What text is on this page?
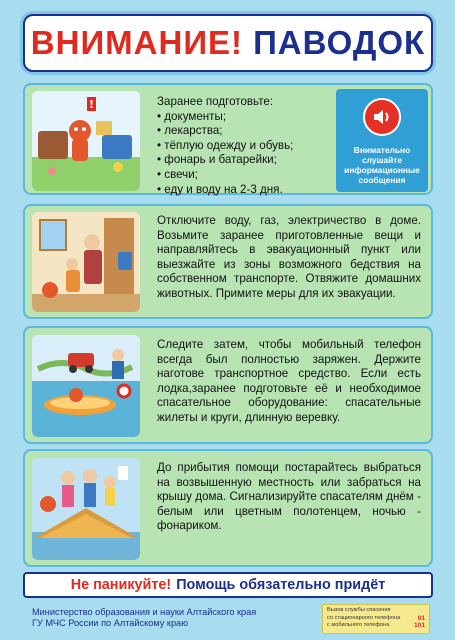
ВНИМАНИЕ! ПАВОДОК
!	Заранее подготовьте:
• документы;
• лекарства;
• тёплую одежду и обувь;
• фонарь и батарейки;
• свечи;
• еду и воду на 2-3 дня.
Внимательно слушайте информационные сообщения
Отключите воду, газ, электричество в доме. Возьмите заранее приготовленные вещи и направляйтесь в эвакуационный пункт или выезжайте из зоны возможного бедствия на собственном транспорте. Отвяжите домашних животных. Примите меры для их эвакуации.
Следите затем, чтобы мобильный телефон всегда был полностью заряжен. Держите наготове транспортное средство. Если есть лодка,заранее подготовьте её и необходимое спасательное оборудование: спасательные жилеты и круги, длинную веревку.
До прибытия помощи постарайтесь выбраться на возвышенную местность или забраться на крышу дома. Сигнализируйте спасателям днём - белым или цветным полотенцем, ночью - фонариком.
Не паникуйте! Помощь обязательно придёт
Министерство образования и науки Алтайского края
ГУ МЧС России по Алтайскому краю
Вызов службы спасения
со стационарного телефона	01
с мобильного телефона	101
